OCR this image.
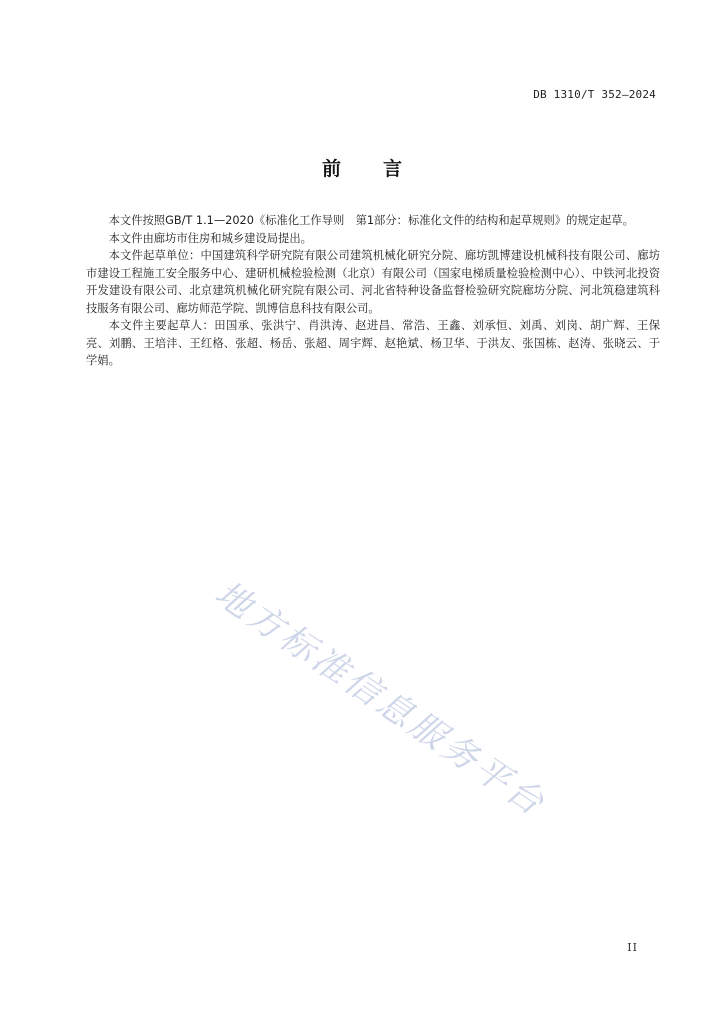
DB 1310/T 352—2024
前言

本文件按照GB/T 1.1—2020《标准化工作导则　第1部分：标准化文件的结构和起草规则》的规定起草。

本文件由廊坊市住房和城乡建设局提出。

本文件起草单位：中国建筑科学研究院有限公司建筑机械化研究分院、廊坊凯博建设机械科技有限公司、廊坊市建设工程施工安全服务中心、建研机械检验检测（北京）有限公司（国家电梯质量检验检测中心）、中铁河北投资开发建设有限公司、北京建筑机械化研究院有限公司、河北省特种设备监督检验研究院廊坊分院、河北筑稳建筑科技服务有限公司、廊坊师范学院、凯博信息科技有限公司。

本文件主要起草人：田国承、张洪宁、肖洪涛、赵进昌、常浩、王鑫、刘承恒、刘禹、刘岗、胡广辉、王保亮、刘鹏、王培沣、王红格、张超、杨岳、张超、周宇辉、赵艳斌、杨卫华、于洪友、张国栋、赵涛、张晓云、于学娟。

地方标准信息服务平台
II
